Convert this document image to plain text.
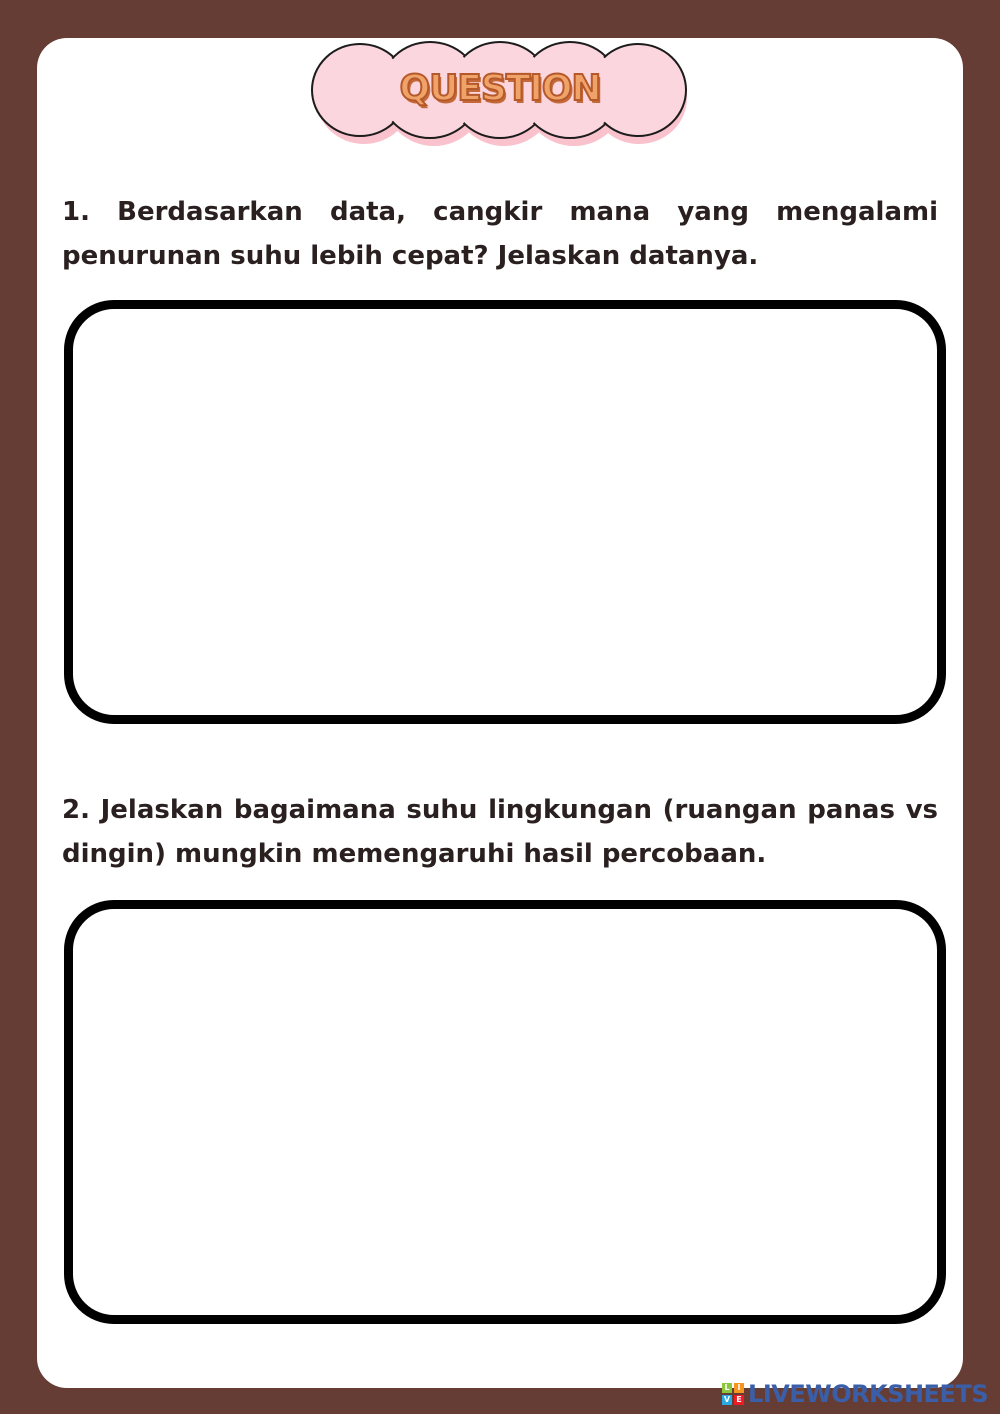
QUESTION

1. Berdasarkan data, cangkir mana yang mengalami penurunan suhu lebih cepat? Jelaskan datanya.

2. Jelaskan bagaimana suhu lingkungan (ruangan panas vs dingin) mungkin memengaruhi hasil percobaan.

L I
V E LIVEWORKSHEETS
